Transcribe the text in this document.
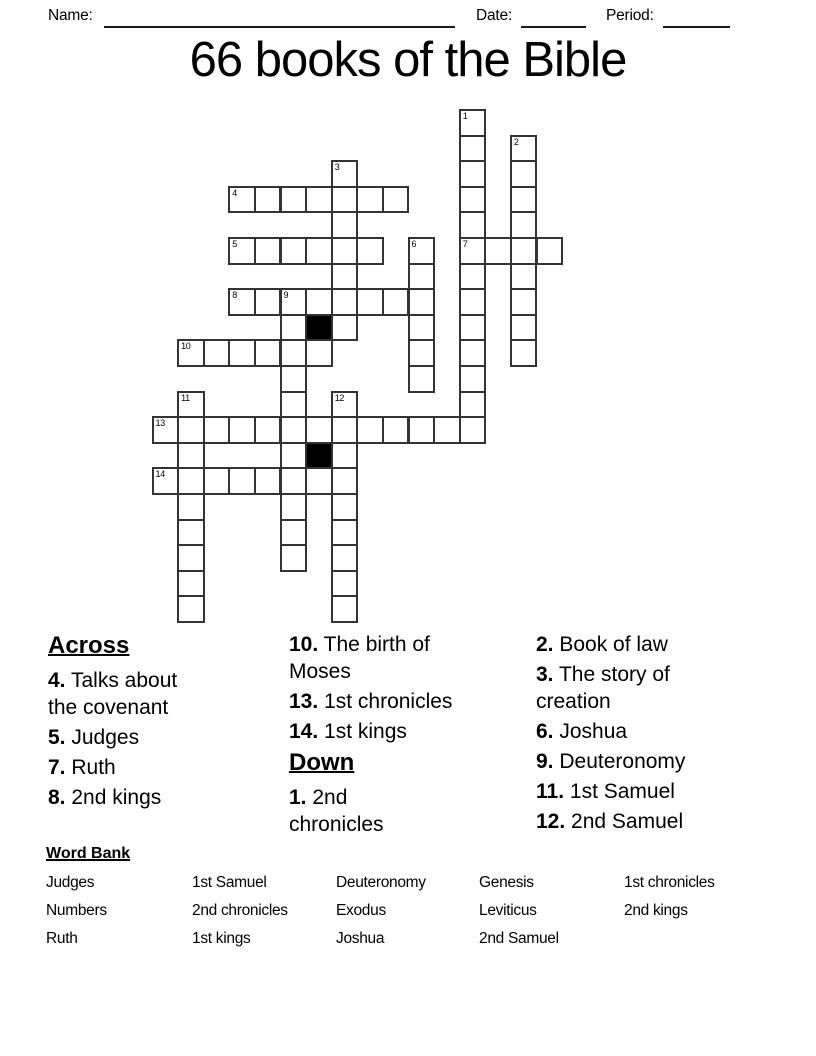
Name:	Date:	Period:
66 books of the Bible
1
2
3
4
5	6	7
8	9
10
11	12
13
14
Across
4. Talks about
the covenant
5. Judges
7. Ruth
8. 2nd kings
10. The birth of
Moses
13. 1st chronicles
14. 1st kings
Down
1. 2nd
chronicles
2. Book of law
3. The story of
creation
6. Joshua
9. Deuteronomy
11. 1st Samuel
12. 2nd Samuel
Word Bank
Judges	1st Samuel	Deuteronomy	Genesis	1st chronicles
Numbers	2nd chronicles	Exodus	Leviticus	2nd kings
Ruth	1st kings	Joshua	2nd Samuel
